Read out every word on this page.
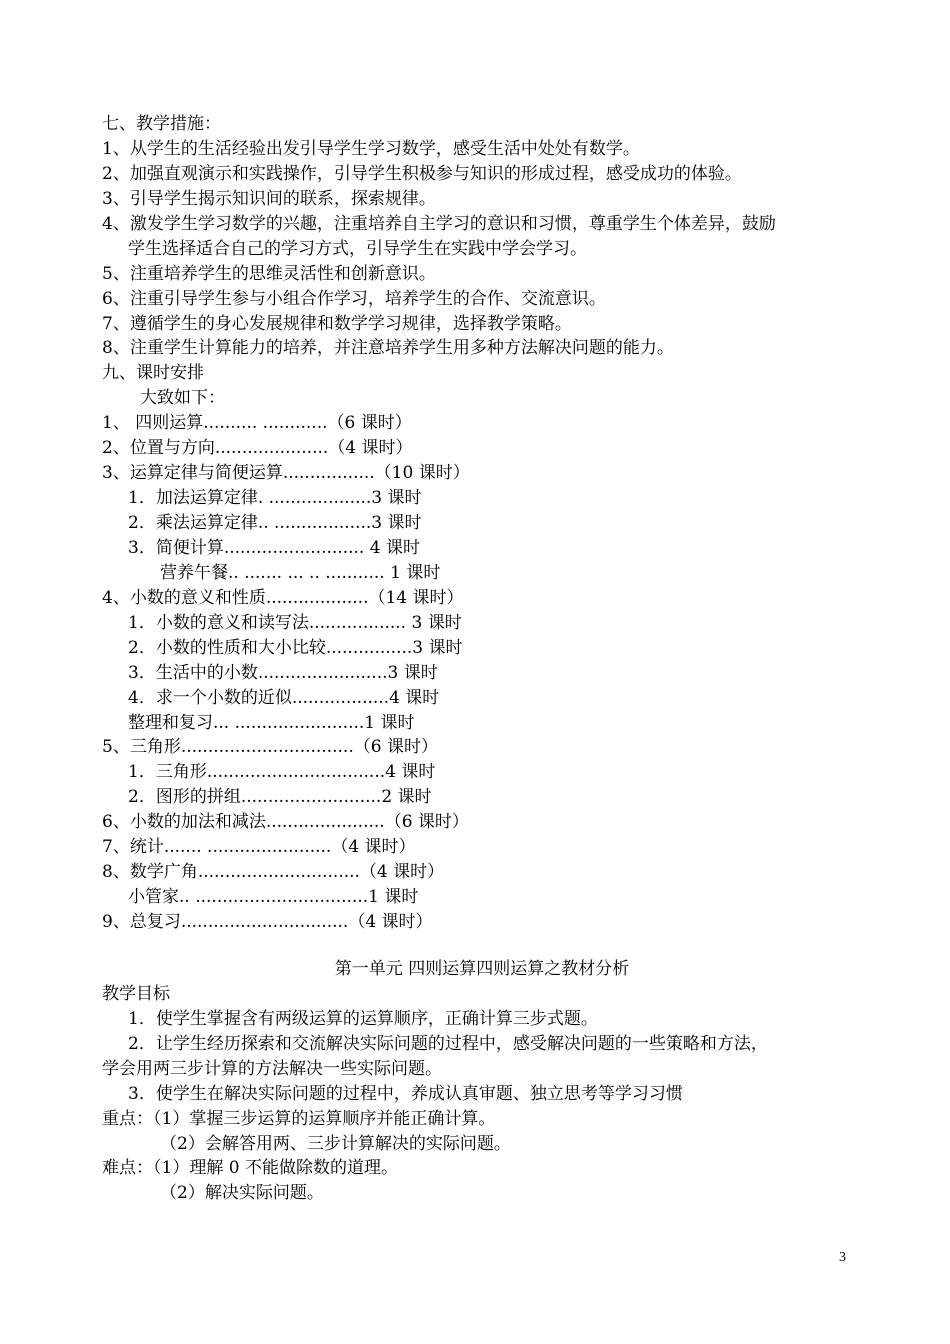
七、教学措施：
1、从学生的生活经验出发引导学生学习数学，感受生活中处处有数学。
2、加强直观演示和实践操作，引导学生积极参与知识的形成过程，感受成功的体验。
3、引导学生揭示知识间的联系，探索规律。
4、激发学生学习数学的兴趣，注重培养自主学习的意识和习惯，尊重学生个体差异，鼓励
学生选择适合自己的学习方式，引导学生在实践中学会学习。
5、注重培养学生的思维灵活性和创新意识。
6、注重引导学生参与小组合作学习，培养学生的合作、交流意识。
7、遵循学生的身心发展规律和数学学习规律，选择教学策略。
8、注重学生计算能力的培养，并注意培养学生用多种方法解决问题的能力。
九、课时安排
大致如下：
1、 四则运算.......... ............（6 课时）
2、位置与方向.....................（4 课时）
3、运算定律与简便运算.................（10 课时）
1．加法运算定律. ...................3 课时
2．乘法运算定律.. ..................3 课时
3．简便计算.......................... 4 课时
营养午餐.. ....... ... .. ........... 1 课时
4、小数的意义和性质...................（14 课时）
1．小数的意义和读写法.................. 3 课时
2．小数的性质和大小比较................3 课时
3．生活中的小数........................3 课时
4．求一个小数的近似..................4 课时
整理和复习... ........................1 课时
5、三角形................................（6 课时）
1．三角形.................................4 课时
2．图形的拼组..........................2 课时
6、小数的加法和减法......................（6 课时）
7、统计....... .......................（4 课时）
8、数学广角..............................（4 课时）
小管家.. ................................1 课时
9、总复习...............................（4 课时）
第一单元 四则运算四则运算之教材分析
教学目标
1．使学生掌握含有两级运算的运算顺序，正确计算三步式题。
2．让学生经历探索和交流解决实际问题的过程中，感受解决问题的一些策略和方法，
学会用两三步计算的方法解决一些实际问题。
3．使学生在解决实际问题的过程中，养成认真审题、独立思考等学习习惯
重点：（1）掌握三步运算的运算顺序并能正确计算。
（2）会解答用两、三步计算解决的实际问题。
难点：（1）理解 0 不能做除数的道理。
（2）解决实际问题。
3
